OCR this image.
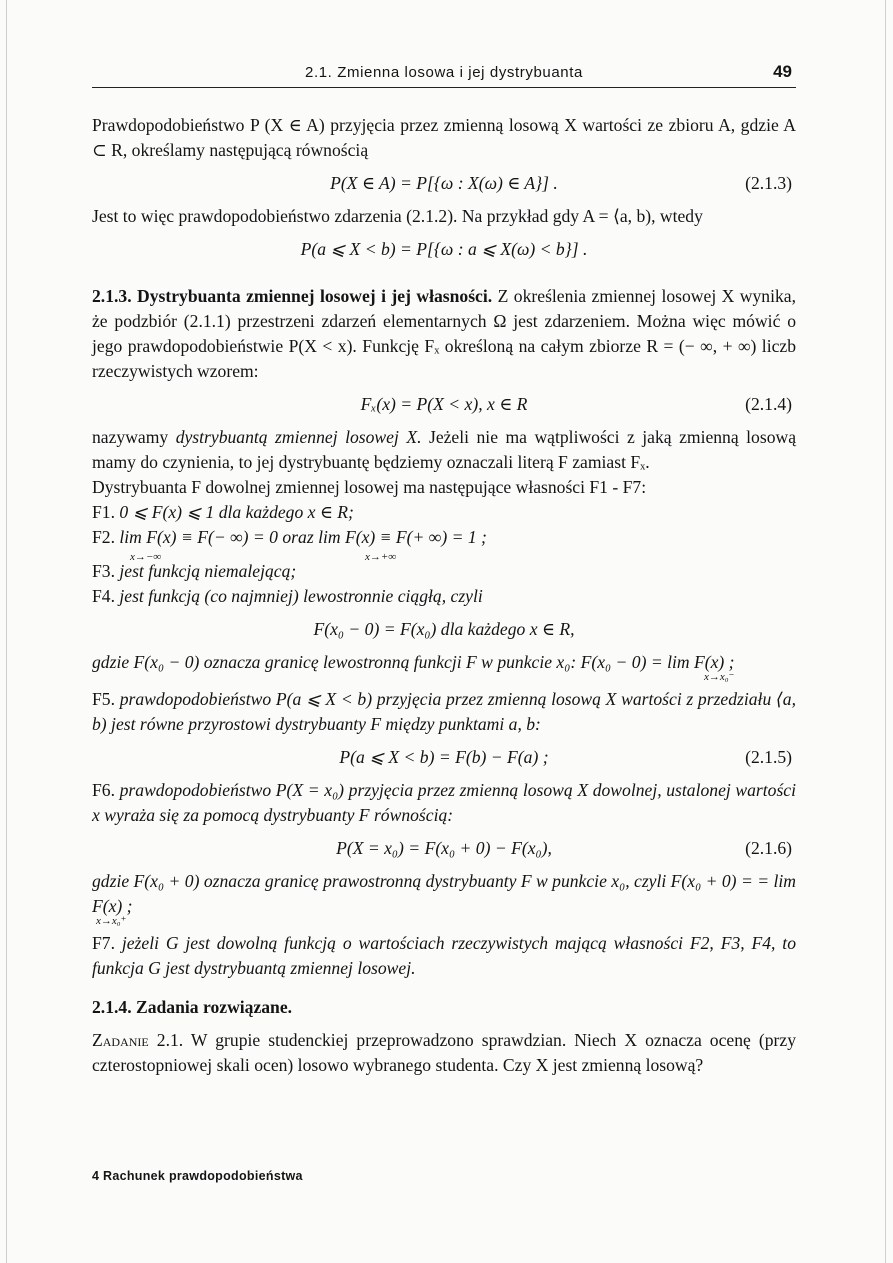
2.1. Zmienna losowa i jej dystrybuanta	49

Prawdopodobieństwo P (X ∈ A) przyjęcia przez zmienną losową X wartości ze zbioru A, gdzie A ⊂ R, określamy następującą równością

P(X ∈ A) = P[{ω : X(ω) ∈ A}] .	(2.1.3)

Jest to więc prawdopodobieństwo zdarzenia (2.1.2). Na przykład gdy A = ⟨a, b), wtedy

P(a ⩽ X < b) = P[{ω : a ⩽ X(ω) < b}] .

2.1.3. Dystrybuanta zmiennej losowej i jej własności. Z określenia zmiennej losowej X wynika, że podzbiór (2.1.1) przestrzeni zdarzeń elementarnych Ω jest zdarzeniem. Można więc mówić o jego prawdopodobieństwie P(X < x). Funkcję Fₓ określoną na całym zbiorze R = (− ∞, + ∞) liczb rzeczywistych wzorem:

Fₓ(x) = P(X < x), x ∈ R	(2.1.4)

nazywamy dystrybuantą zmiennej losowej X. Jeżeli nie ma wątpliwości z jaką zmienną losową mamy do czynienia, to jej dystrybuantę będziemy oznaczali literą F zamiast Fₓ.

Dystrybuanta F dowolnej zmiennej losowej ma następujące własności F1 - F7:

F1. 0 ⩽ F(x) ⩽ 1 dla każdego x ∈ R;

F2. lim F(x) ≡ F(− ∞) = 0 oraz lim F(x) ≡ F(+ ∞) = 1 ;
x→−∞	x→+∞

F3. jest funkcją niemalejącą;

F4. jest funkcją (co najmniej) lewostronnie ciągłą, czyli

F(x₀ − 0) = F(x₀) dla każdego x ∈ R,

gdzie F(x₀ − 0) oznacza granicę lewostronną funkcji F w punkcie x₀: F(x₀ − 0) = lim F(x) ;

x→x₀⁻

F5. prawdopodobieństwo P(a ⩽ X < b) przyjęcia przez zmienną losową X wartości z przedziału ⟨a, b) jest równe przyrostowi dystrybuanty F między punktami a, b:

P(a ⩽ X < b) = F(b) − F(a) ;	(2.1.5)

F6. prawdopodobieństwo P(X = x₀) przyjęcia przez zmienną losową X dowolnej, ustalonej wartości x wyraża się za pomocą dystrybuanty F równością:

P(X = x₀) = F(x₀ + 0) − F(x₀),	(2.1.6)

gdzie F(x₀ + 0) oznacza granicę prawostronną dystrybuanty F w punkcie x₀, czyli F(x₀ + 0) = = lim F(x) ;

x→x₀⁺

F7. jeżeli G jest dowolną funkcją o wartościach rzeczywistych mającą własności F2, F3, F4, to funkcja G jest dystrybuantą zmiennej losowej.

2.1.4. Zadania rozwiązane.

Zadanie 2.1. W grupie studenckiej przeprowadzono sprawdzian. Niech X oznacza ocenę (przy czterostopniowej skali ocen) losowo wybranego studenta. Czy X jest zmienną losową?

4 Rachunek prawdopodobieństwa
